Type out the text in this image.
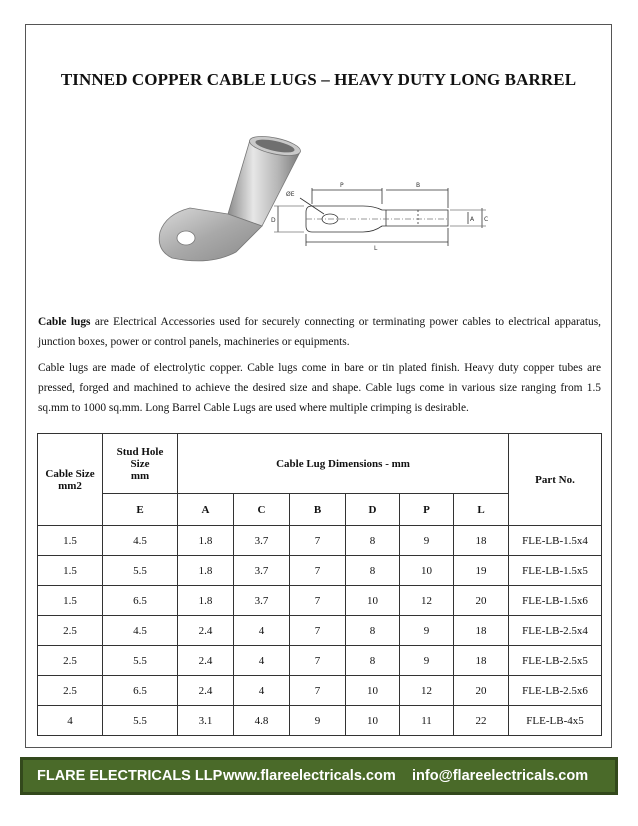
TINNED COPPER CABLE LUGS – HEAVY DUTY LONG BARREL
ØE
P	B
D	A C
L

Cable lugs are Electrical Accessories used for securely connecting or terminating power cables to electrical apparatus, junction boxes, power or control panels, machineries or equipments.

Cable lugs are made of electrolytic copper. Cable lugs come in bare or tin plated finish. Heavy duty copper tubes are pressed, forged and machined to achieve the desired size and shape. Cable lugs come in various size ranging from 1.5 sq.mm to 1000 sq.mm. Long Barrel Cable Lugs are used where multiple crimping is desirable.

Cable Size
mm2	Stud Hole
Size
mm	Cable Lug Dimensions - mm						Part No.
	E	A	C	B	D	P	L	
1.5	4.5	1.8	3.7	7	8	9	18	FLE-LB-1.5x4
1.5	5.5	1.8	3.7	7	8	10	19	FLE-LB-1.5x5
1.5	6.5	1.8	3.7	7	10	12	20	FLE-LB-1.5x6
2.5	4.5	2.4	4	7	8	9	18	FLE-LB-2.5x4
2.5	5.5	2.4	4	7	8	9	18	FLE-LB-2.5x5
2.5	6.5	2.4	4	7	10	12	20	FLE-LB-2.5x6
4	5.5	3.1	4.8	9	10	11	22	FLE-LB-4x5
FLARE ELECTRICALS LLP www.flareelectricals.com info@flareelectricals.com
